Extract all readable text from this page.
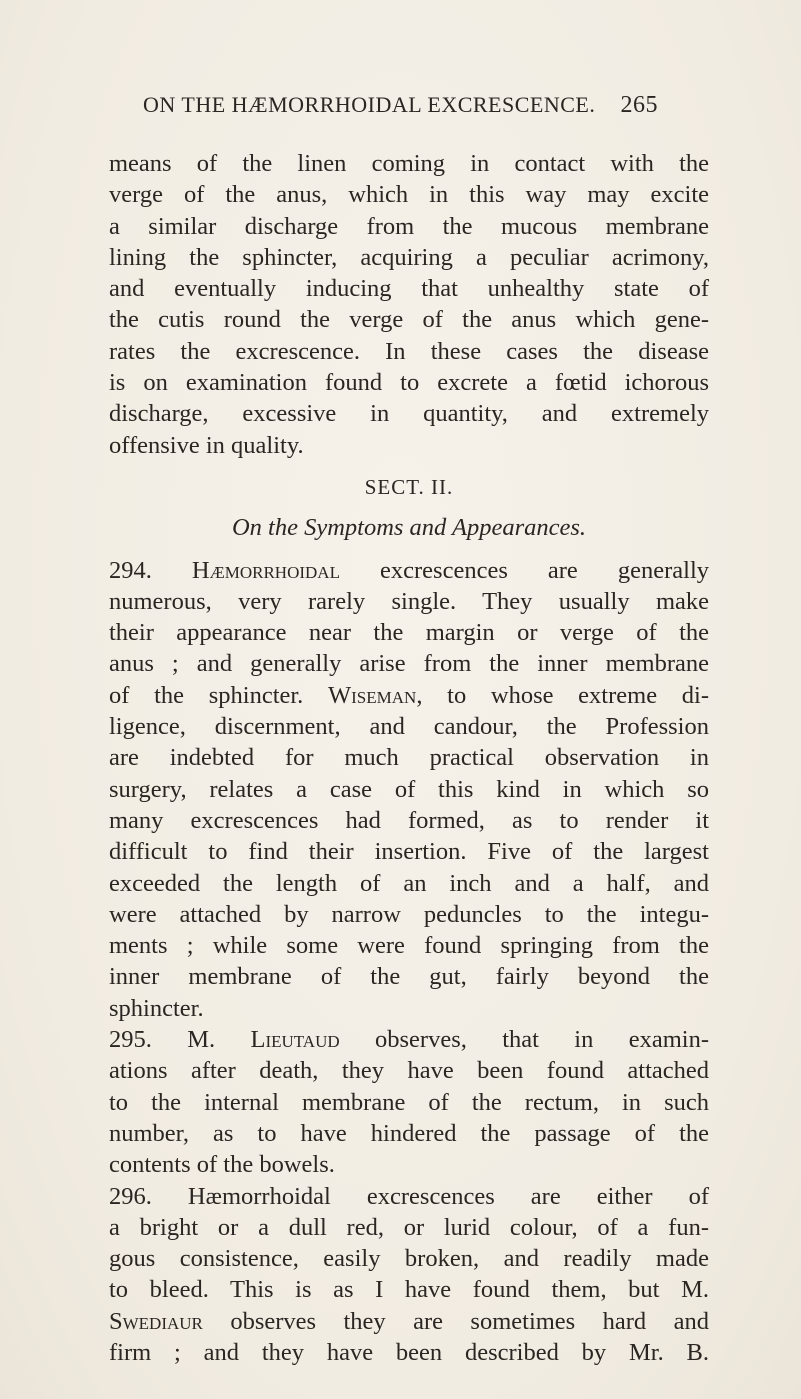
ON THE HÆMORRHOIDAL EXCRESCENCE. 265
means of the linen coming in contact with the
verge of the anus, which in this way may excite
a similar discharge from the mucous membrane
lining the sphincter, acquiring a peculiar acrimony,
and eventually inducing that unhealthy state of
the cutis round the verge of the anus which gene-
rates the excrescence. In these cases the disease
is on examination found to excrete a fœtid ichorous
discharge, excessive in quantity, and extremely
offensive in quality.
SECT. II.
On the Symptoms and Appearances.
294. Hæmorrhoidal excrescences are generally
numerous, very rarely single. They usually make
their appearance near the margin or verge of the
anus ; and generally arise from the inner membrane
of the sphincter. Wiseman, to whose extreme di-
ligence, discernment, and candour, the Profession
are indebted for much practical observation in
surgery, relates a case of this kind in which so
many excrescences had formed, as to render it
difficult to find their insertion. Five of the largest
exceeded the length of an inch and a half, and
were attached by narrow peduncles to the integu-
ments ; while some were found springing from the
inner membrane of the gut, fairly beyond the
sphincter.
295. M. Lieutaud observes, that in examin-
ations after death, they have been found attached
to the internal membrane of the rectum, in such
number, as to have hindered the passage of the
contents of the bowels.
296. Hæmorrhoidal excrescences are either of
a bright or a dull red, or lurid colour, of a fun-
gous consistence, easily broken, and readily made
to bleed. This is as I have found them, but M.
Swediaur observes they are sometimes hard and
firm ; and they have been described by Mr. B.
